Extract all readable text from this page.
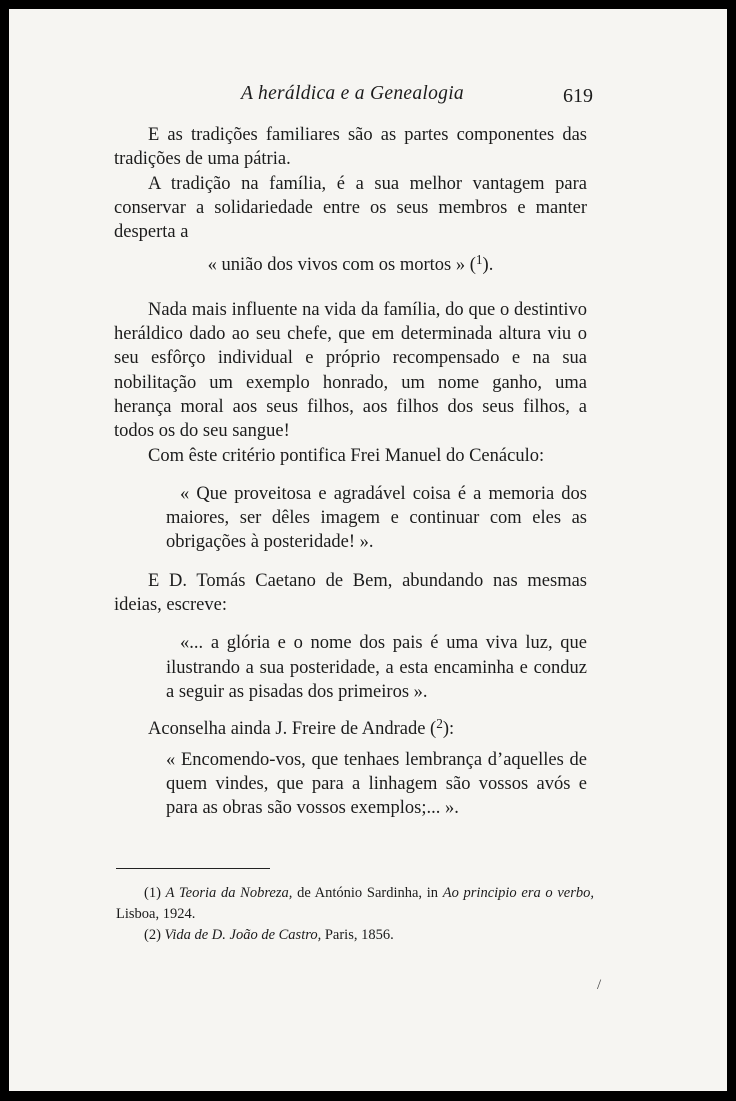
A heráldica e a Genealogia	619

E as tradições familiares são as partes componentes das tradições de uma pátria.

A tradição na família, é a sua melhor vantagem para conservar a solidariedade entre os seus membros e manter desperta a

« união dos vivos com os mortos » ($^1$).

Nada mais influente na vida da família, do que o destintivo heráldico dado ao seu chefe, que em determinada altura viu o seu esfôrço individual e próprio recompensado e na sua nobilitação um exemplo honrado, um nome ganho, uma herança moral aos seus filhos, aos filhos dos seus filhos, a todos os do seu sangue!

Com êste critério pontifica Frei Manuel do Cenáculo:

« Que proveitosa e agradável coisa é a memoria dos maiores, ser dêles imagem e continuar com eles as obrigações à posteridade! ».

E D. Tomás Caetano de Bem, abundando nas mesmas ideias, escreve:

«... a glória e o nome dos pais é uma viva luz, que ilustrando a sua posteridade, a esta encaminha e conduz a seguir as pisadas dos primeiros ».

Aconselha ainda J. Freire de Andrade ($^2$):

« Encomendo-vos, que tenhaes lembrança d’aquelles de quem vindes, que para a linhagem são vossos avós e para as obras são vossos exemplos;... ».

(1) A Teoria da Nobreza, de António Sardinha, in Ao principio era o verbo, Lisboa, 1924.

(2) Vida de D. João de Castro, Paris, 1856.

/
